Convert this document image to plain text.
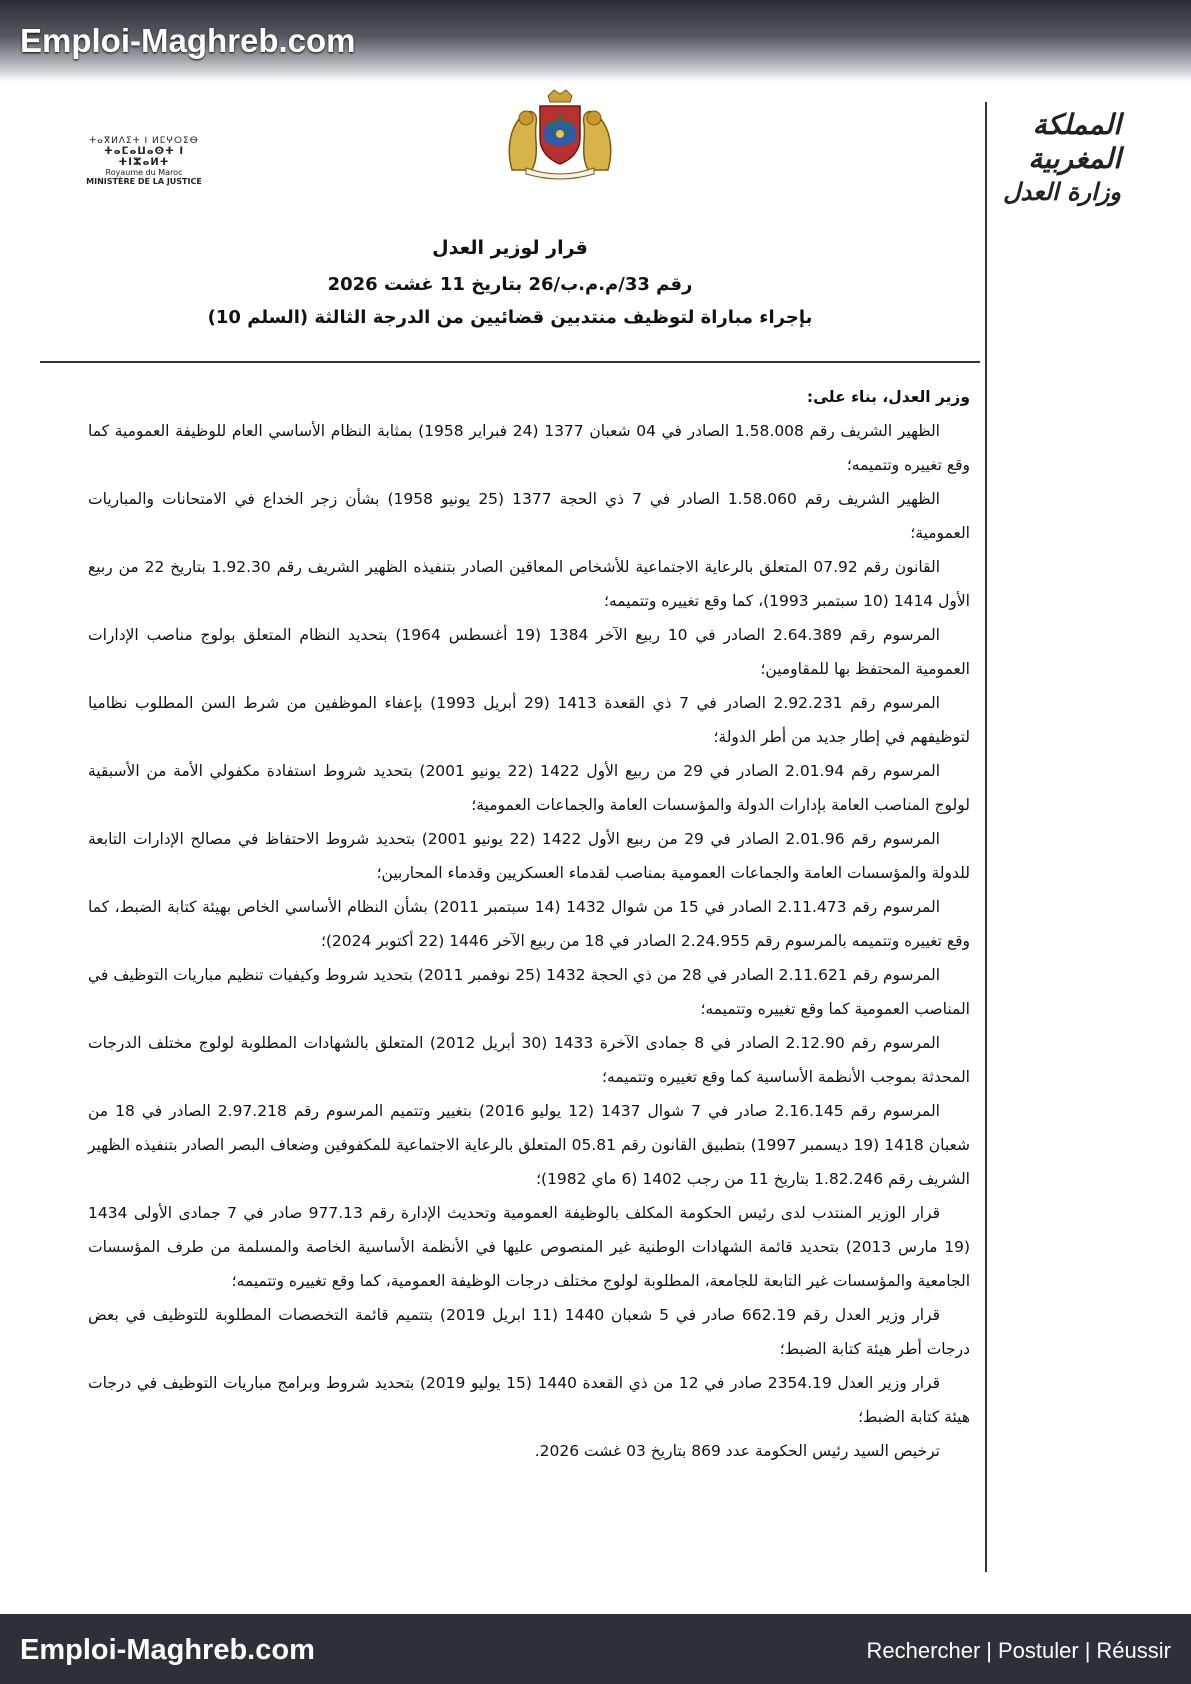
Emploi-Maghreb.com
المملكة المغربية
وزارة العدل
ⵜⴰⴳⵍⴷⵉⵜ ⵏ ⵍⵎⵖⵔⵉⴱ
ⵜⴰⵎⴰⵡⴰⵙⵜ ⵏ ⵜⵏⵣⴰⵍⵜ
Royaume du Maroc
MINISTÈRE DE LA JUSTICE
قرار لوزير العدل
رقم 33/م.م.ب/26 بتاريخ 11 غشت 2026
بإجراء مباراة لتوظيف منتدبين قضائيين من الدرجة الثالثة (السلم 10)
وزير العدل، بناء على:

الظهير الشريف رقم 1.58.008 الصادر في 04 شعبان 1377 (24 فبراير 1958) بمثابة النظام الأساسي العام للوظيفة العمومية كما وقع تغييره وتتميمه؛

الظهير الشريف رقم 1.58.060 الصادر في 7 ذي الحجة 1377 (25 يونيو 1958) بشأن زجر الخداع في الامتحانات والمباريات العمومية؛

القانون رقم 07.92 المتعلق بالرعاية الاجتماعية للأشخاص المعاقين الصادر بتنفيذه الظهير الشريف رقم 1.92.30 بتاريخ 22 من ربيع الأول 1414 (10 سبتمبر 1993)، كما وقع تغييره وتتميمه؛

المرسوم رقم 2.64.389 الصادر في 10 ربيع الآخر 1384 (19 أغسطس 1964) بتحديد النظام المتعلق بولوج مناصب الإدارات العمومية المحتفظ بها للمقاومين؛

المرسوم رقم 2.92.231 الصادر في 7 ذي القعدة 1413 (29 أبريل 1993) بإعفاء الموظفين من شرط السن المطلوب نظاميا لتوظيفهم في إطار جديد من أطر الدولة؛

المرسوم رقم 2.01.94 الصادر في 29 من ربيع الأول 1422 (22 يونيو 2001) بتحديد شروط استفادة مكفولي الأمة من الأسبقية لولوج المناصب العامة بإدارات الدولة والمؤسسات العامة والجماعات العمومية؛

المرسوم رقم 2.01.96 الصادر في 29 من ربيع الأول 1422 (22 يونيو 2001) بتحديد شروط الاحتفاظ في مصالح الإدارات التابعة للدولة والمؤسسات العامة والجماعات العمومية بمناصب لقدماء العسكريين وقدماء المحاربين؛

المرسوم رقم 2.11.473 الصادر في 15 من شوال 1432 (14 سبتمبر 2011) بشأن النظام الأساسي الخاص بهيئة كتابة الضبط، كما وقع تغييره وتتميمه بالمرسوم رقم 2.24.955 الصادر في 18 من ربيع الآخر 1446 (22 أكتوبر 2024)؛

المرسوم رقم 2.11.621 الصادر في 28 من ذي الحجة 1432 (25 نوفمبر 2011) بتحديد شروط وكيفيات تنظيم مباريات التوظيف في المناصب العمومية كما وقع تغييره وتتميمه؛

المرسوم رقم 2.12.90 الصادر في 8 جمادى الآخرة 1433 (30 أبريل 2012) المتعلق بالشهادات المطلوبة لولوج مختلف الدرجات المحدثة بموجب الأنظمة الأساسية كما وقع تغييره وتتميمه؛

المرسوم رقم 2.16.145 صادر في 7 شوال 1437 (12 يوليو 2016) بتغيير وتتميم المرسوم رقم 2.97.218 الصادر في 18 من شعبان 1418 (19 ديسمبر 1997) بتطبيق القانون رقم 05.81 المتعلق بالرعاية الاجتماعية للمكفوفين وضعاف البصر الصادر بتنفيذه الظهير الشريف رقم 1.82.246 بتاريخ 11 من رجب 1402 (6 ماي 1982)؛

قرار الوزير المنتدب لدى رئيس الحكومة المكلف بالوظيفة العمومية وتحديث الإدارة رقم 977.13 صادر في 7 جمادى الأولى 1434 (19 مارس 2013) بتحديد قائمة الشهادات الوطنية غير المنصوص عليها في الأنظمة الأساسية الخاصة والمسلمة من طرف المؤسسات الجامعية والمؤسسات غير التابعة للجامعة، المطلوبة لولوج مختلف درجات الوظيفة العمومية، كما وقع تغييره وتتميمه؛

قرار وزير العدل رقم 662.19 صادر في 5 شعبان 1440 (11 ابريل 2019) بتتميم قائمة التخصصات المطلوبة للتوظيف في بعض درجات أطر هيئة كتابة الضبط؛

قرار وزير العدل 2354.19 صادر في 12 من ذي القعدة 1440 (15 يوليو 2019) بتحديد شروط وبرامج مباريات التوظيف في درجات هيئة كتابة الضبط؛

ترخيص السيد رئيس الحكومة عدد 869 بتاريخ 03 غشت 2026.

Emploi-Maghreb.com	Rechercher | Postuler | Réussir
